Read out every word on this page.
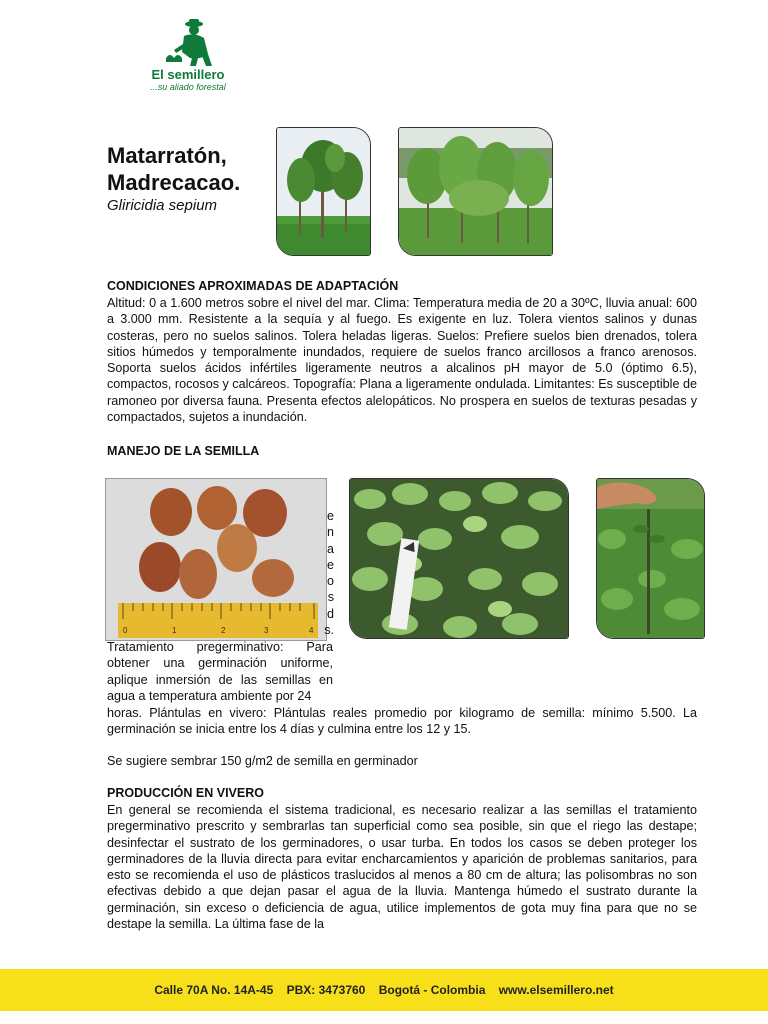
El semillero
...su aliado forestal
Matarratón,
Madrecacao.
Gliricidia sepium
CONDICIONES APROXIMADAS DE ADAPTACIÓN
Altitud: 0 a 1.600 metros sobre el nivel del mar. Clima: Temperatura media de 20 a 30ºC, lluvia anual: 600 a 3.000 mm. Resistente a la sequía y al fuego. Es exigente en luz. Tolera vientos salinos y dunas costeras, pero no suelos salinos. Tolera heladas ligeras. Suelos: Prefiere suelos bien drenados, tolera sitios húmedos y temporalmente inundados, requiere de suelos franco arcillosos a franco arenosos. Soporta suelos ácidos infértiles ligeramente neutros a alcalinos pH mayor de 5.0 (óptimo 6.5), compactos, rocosos y calcáreos. Topografía: Plana a ligeramente ondulada. Limitantes: Es susceptible de ramoneo por diversa fauna. Presenta efectos alelopáticos. No prospera en suelos de texturas pesadas y compactados, sujetos a inundación.
MANEJO DE LA SEMILLA
0	1	2	3	4
e
n
a
e
o
s
d
s.
Tratamiento pregerminativo: Para obtener una germinación uniforme, aplique inmersión de las semillas en agua a temperatura ambiente por 24
horas. Plántulas en vivero: Plántulas reales promedio por kilogramo de semilla: mínimo 5.500. La germinación se inicia entre los 4 días y culmina entre los 12 y 15.
Se sugiere sembrar 150 g/m2 de semilla en germinador
PRODUCCIÓN EN VIVERO
En general se recomienda el sistema tradicional, es necesario realizar a las semillas el tratamiento pregerminativo prescrito y sembrarlas tan superficial como sea posible, sin que el riego las destape; desinfectar el sustrato de los germinadores, o usar turba. En todos los casos se deben proteger los germinadores de la lluvia directa para evitar encharcamientos y aparición de problemas sanitarios, para esto se recomienda el uso de plásticos traslucidos al menos a 80 cm de altura; las polisombras no son efectivas debido a que dejan pasar el agua de la lluvia. Mantenga húmedo el sustrato durante la germinación, sin exceso o deficiencia de agua, utilice implementos de gota muy fina para que no se destape la semilla. La última fase de la
Calle 70A No. 14A-45 PBX: 3473760 Bogotá - Colombia www.elsemillero.net
